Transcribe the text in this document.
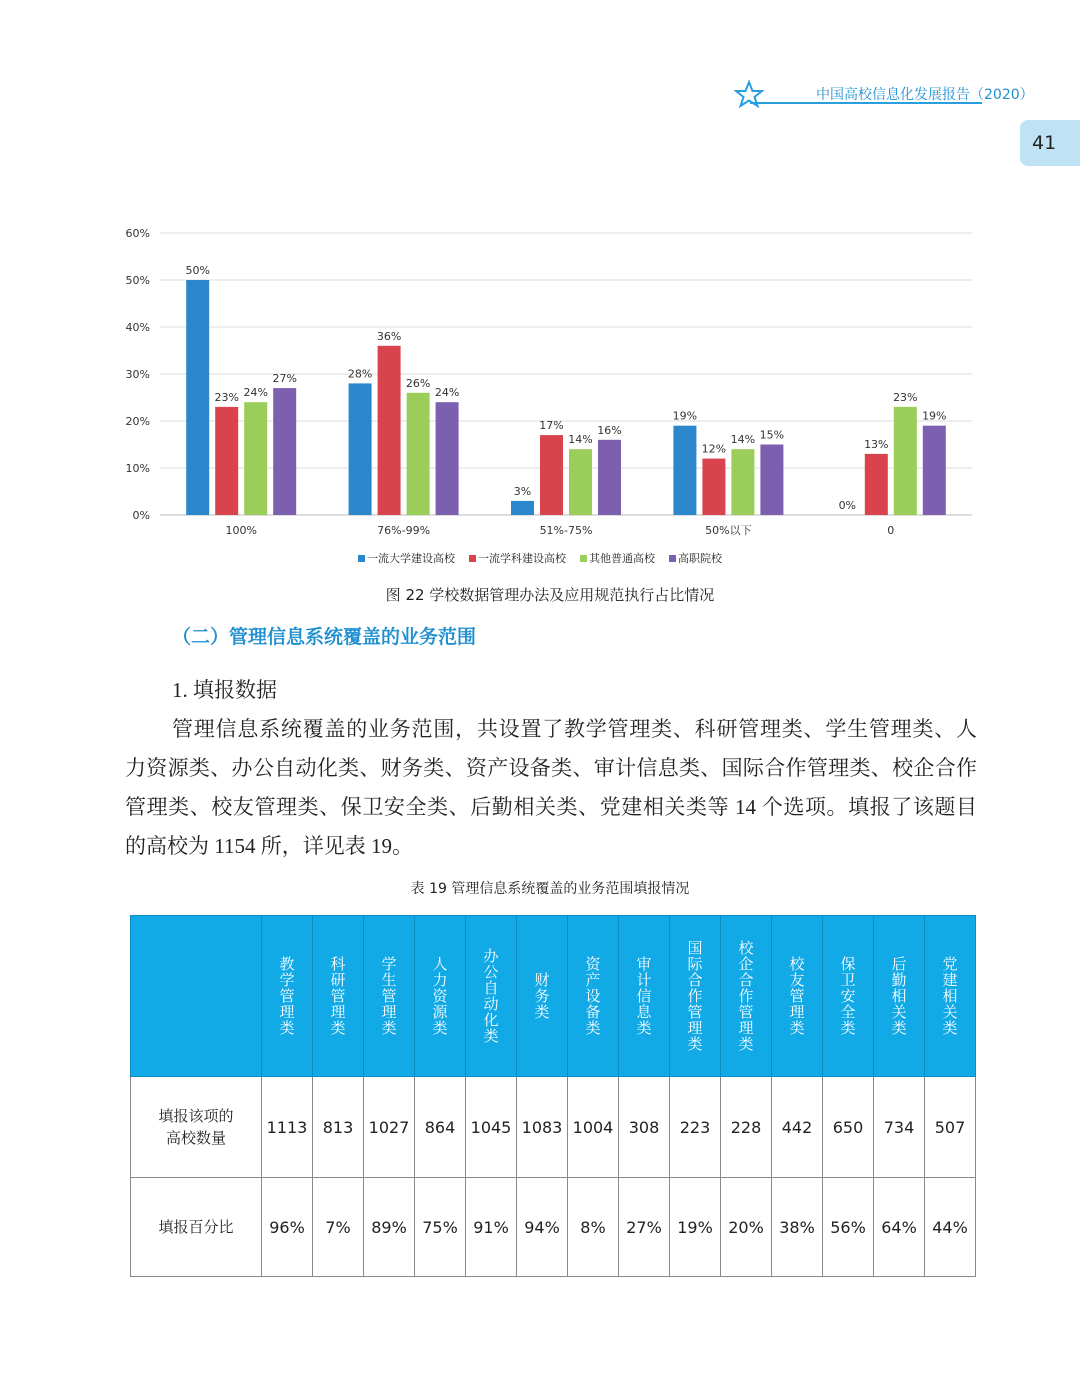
中国高校信息化发展报告（2020）
41
0%
10%
20%
30%
40%
50%
60%
100%
50%
23% 24%
27%
76%-99%
28%
36%
26%
24%
51%-75%
3%
17%
14%
16%
50%以下
19%
12%
14% 15%
0
0%
13%
23%
19%
一流大学建设高校 一流学科建设高校 其他普通高校 高职院校
图 22 学校数据管理办法及应用规范执行占比情况
（二）管理信息系统覆盖的业务范围
1. 填报数据
管理信息系统覆盖的业务范围，共设置了教学管理类、科研管理类、学生管理类、人
力资源类、办公自动化类、财务类、资产设备类、审计信息类、国际合作管理类、校企合作
管理类、校友管理类、保卫安全类、后勤相关类、党建相关类等 14 个选项。填报了该题目
的高校为 1154 所，详见表 19。
表 19 管理信息系统覆盖的业务范围填报情况

	教学管理类	科研管理类	学生管理类	人力资源类	办公自动化类	财务类	资产设备类	审计信息类	国际合作管理类	校企合作管理类	校友管理类	保卫安全类	后勤相关类	党建相关类

填报该项的高校数量	1113	813	1027	864	1045	1083	1004	308	223	228	442	650	734	507
填报百分比	96%	7%	89%	75%	91%	94%	8%	27%	19%	20%	38%	56%	64%	44%
